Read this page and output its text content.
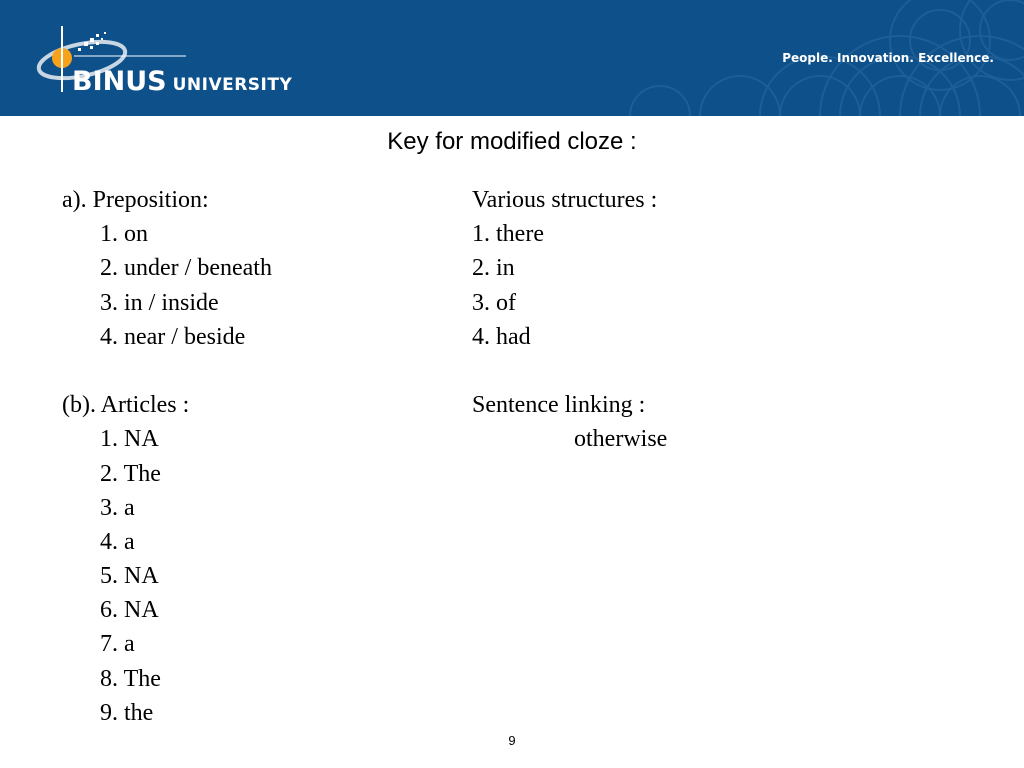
BINUS UNIVERSITY
People. Innovation. Excellence.
Key for modified cloze :
a). Preposition:
1. on
2. under / beneath
3. in / inside
4. near / beside
(b). Articles :
1. NA
2. The
3. a
4. a
5. NA
6. NA
7. a
8. The
9. the
Various structures :
1. there
2. in
3. of
4. had
Sentence linking :
otherwise
9
